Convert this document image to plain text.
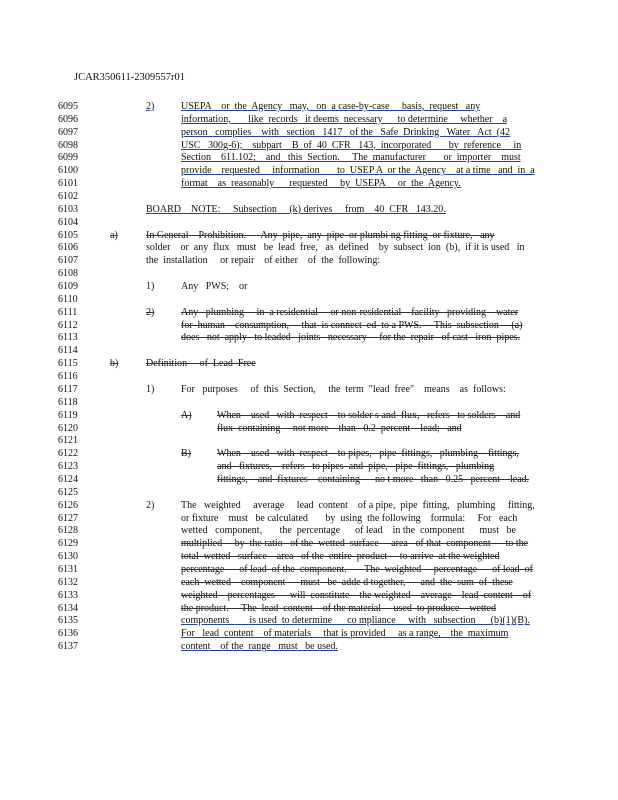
JCAR350611-2309557r01
6095	2)	USEPA    or  the  Agency   may,   on  a case-by-case     basis,  request   any
6096	information,       like  records   it deems  necessary      to determine     whether    a
6097	person   complies    with   section   1417   of the   Safe  Drinking   Water   Act  (42
6098	USC   300g-6);    subpart    B  of  40  CFR   143,  incorporated       by  reference     in
6099	Section    611.102;    and   this  Section.     The  manufacturer       or  importer    must
6100	provide    requested     information       to  USEP A  or the  Agency    at a time   and  in  a
6101	format    as  reasonably      requested     by  USEPA     or  the  Agency.
6102
6103	BOARD    NOTE:     Subsection     (k) derives     from    40  CFR   143.20.
6104
6105	a)	In General    Prohibition.      Any  pipe,  any  pipe  or plumbi ng fitting  or fixture,   any
6106	solder    or  any  flux   must   be  lead  free,   as  defined    by  subsect  ion  (b),  if it is used   in
6107	the  installation     or repair    of either    of  the  following:
6108
6109	1)	Any   PWS;    or
6110
6111	2)	Any   plumbing     in  a residential     or non-residential    facility   providing    water
6112	for  human    consumption,     that  is connect  ed  to a PWS.     This  subsection     (a)
6113	does   not  apply   to leaded   joints   necessary     for the  repair   of cast   iron  pipes.
6114
6115	b)	Definition     of  Lead  Free
6116
6117	1)	For   purposes     of  this  Section,     the  term  "lead  free"    means    as  follows:
6118
6119	A)	When    used   with  respect    to solder s and  flux,   refers   to solders    and
6120	flux  containing     not more    than   0.2  percent    lead;   and
6121
6122	B)	When    used   with  respect    to pipes,   pipe  fittings,   plumbing    fittings,
6123	and   fixtures,    refers   to pipes  and  pipe,   pipe  fittings,   plumbing
6124	fittings,    and  fixtures    containing      no t more   than   0.25   percent    lead.
6125
6126	2)	The   weighted     average     lead  content    of a pipe,  pipe  fitting,   plumbing     fitting,
6127	or fixture    must   be calculated       by  using  the following    formula:     For   each
6128	wetted   component,       the  percentage      of lead    in the  component      must   be
6129	multiplied     by  the ratio   of the  wetted  surface     area   of that  component      to the
6130	total  wetted   surface    area   of the  entire  product     to arrive  at the weighted
6131	percentage      of lead  of the  component.       The  weighted     percentage      of lead  of
6132	each  wetted    component      must   be  adde d together,      and  the  sum  of  these
6133	weighted    percentages      will  constitute    the weighted    average    lead  content    of
6134	the product.     The  lead  content    of the material     used  to produce    wetted
6135	components        is used  to determine      co mpliance     with   subsection      (b)(1)(B).
6136	For   lead  content    of materials     that is provided     as a range,    the  maximum
6137	content    of the  range   must   be used.
